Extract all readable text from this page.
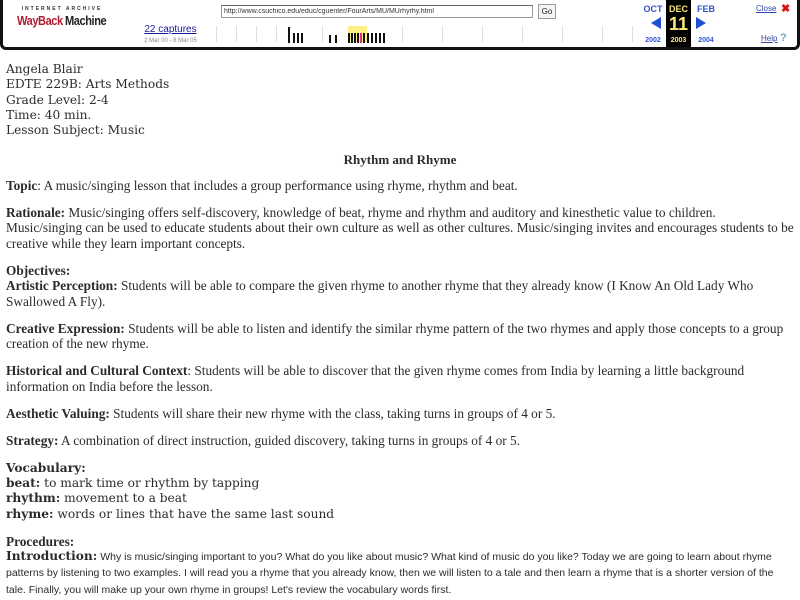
INTERNET ARCHIVE
WayBack Machine
22 captures
2 Mar 00 - 8 Mar 05
http://www.csuchico.edu/educ/cguenter/FourArts/MU/MUrhyrhy.html
Go	OCT
2002
DEC
11
2003
FEB
2004
Close ✖
Help ?
Angela Blair
EDTE 229B: Arts Methods
Grade Level: 2-4
Time: 40 min.
Lesson Subject: Music
Rhythm and Rhyme

Topic: A music/singing lesson that includes a group performance using rhyme, rhythm and beat.

Rationale: Music/singing offers self-discovery, knowledge of beat, rhyme and rhythm and auditory and kinesthetic value to children. Music/singing can be used to educate students about their own culture as well as other cultures. Music/singing invites and encourages students to be creative while they learn important concepts.

Objectives:

Artistic Perception: Students will be able to compare the given rhyme to another rhyme that they already know (I Know An Old Lady Who Swallowed A Fly).

Creative Expression: Students will be able to listen and identify the similar rhyme pattern of the two rhymes and apply those concepts to a group creation of the new rhyme.

Historical and Cultural Context: Students will be able to discover that the given rhyme comes from India by learning a little background information on India before the lesson.

Aesthetic Valuing: Students will share their new rhyme with the class, taking turns in groups of 4 or 5.

Strategy: A combination of direct instruction, guided discovery, taking turns in groups of 4 or 5.

Vocabulary:
beat: to mark time or rhythm by tapping
rhythm: movement to a beat
rhyme: words or lines that have the same last sound
Procedures:

Introduction: Why is music/singing important to you? What do you like about music? What kind of music do you like? Today we are going to learn about rhyme patterns by listening to two examples. I will read you a rhyme that you already know, then we will listen to a tale and then learn a rhyme that is a shorter version of the tale. Finally, you will make up your own rhyme in groups! Let's review the vocabulary words first.
